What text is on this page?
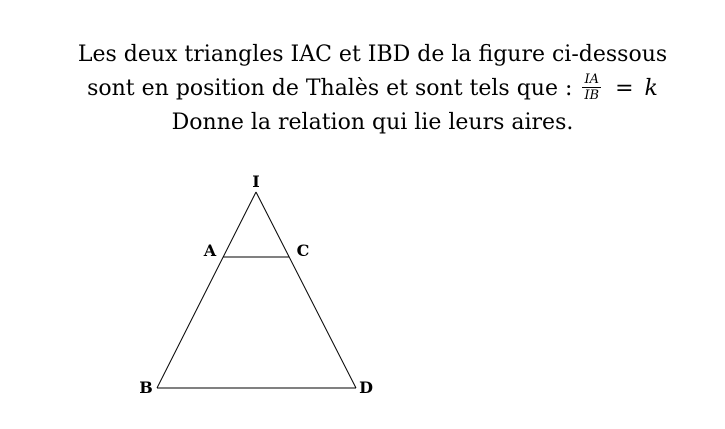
Les deux triangles IAC et IBD de la figure ci-dessous
sont en position de Thalès et sont tels que : $\frac{IA}{IB} = k$
Donne la relation qui lie leurs aires.
I
A	C
B	D
